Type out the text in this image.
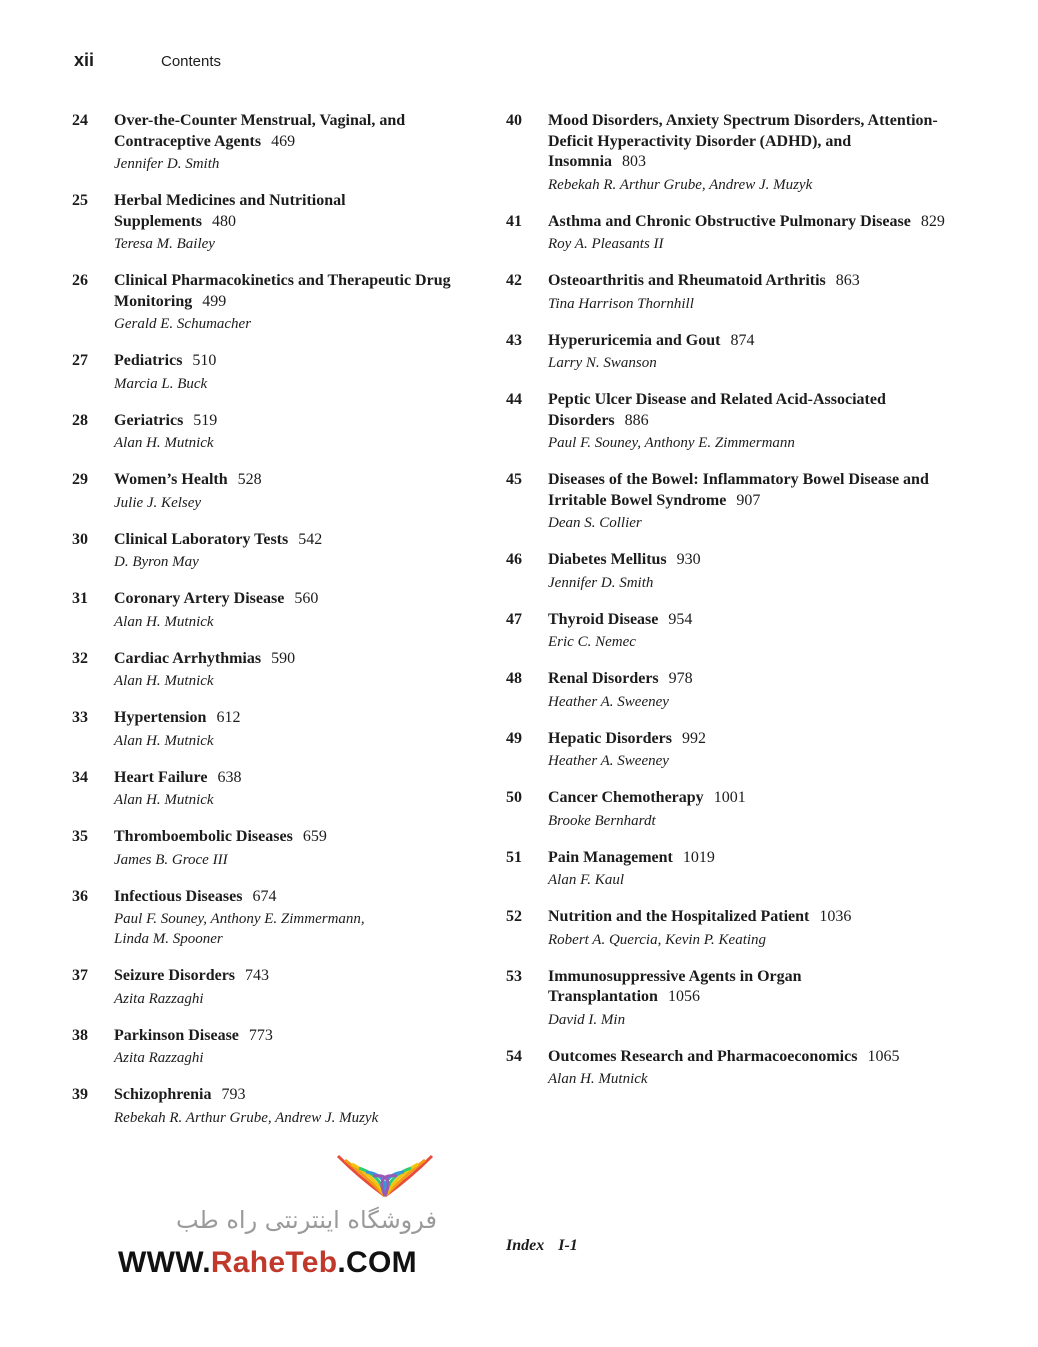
xii	Contents
24	Over-the-Counter Menstrual, Vaginal, and Contraceptive Agents 469
Jennifer D. Smith
25	Herbal Medicines and Nutritional Supplements 480
Teresa M. Bailey
26	Clinical Pharmacokinetics and Therapeutic Drug Monitoring 499
Gerald E. Schumacher
27	Pediatrics 510
Marcia L. Buck
28	Geriatrics 519
Alan H. Mutnick
29	Women’s Health 528
Julie J. Kelsey
30	Clinical Laboratory Tests 542
D. Byron May
31	Coronary Artery Disease 560
Alan H. Mutnick
32	Cardiac Arrhythmias 590
Alan H. Mutnick
33	Hypertension 612
Alan H. Mutnick
34	Heart Failure 638
Alan H. Mutnick
35	Thromboembolic Diseases 659
James B. Groce III
36	Infectious Diseases 674
Paul F. Souney, Anthony E. Zimmermann,
Linda M. Spooner
37	Seizure Disorders 743
Azita Razzaghi
38	Parkinson Disease 773
Azita Razzaghi
39	Schizophrenia 793
Rebekah R. Arthur Grube, Andrew J. Muzyk
40	Mood Disorders, Anxiety Spectrum Disorders, Attention-Deficit Hyperactivity Disorder (ADHD), and Insomnia 803
Rebekah R. Arthur Grube, Andrew J. Muzyk
41	Asthma and Chronic Obstructive Pulmonary Disease 829
Roy A. Pleasants II
42	Osteoarthritis and Rheumatoid Arthritis 863
Tina Harrison Thornhill
43	Hyperuricemia and Gout 874
Larry N. Swanson
44	Peptic Ulcer Disease and Related Acid-Associated Disorders 886
Paul F. Souney, Anthony E. Zimmermann
45	Diseases of the Bowel: Inflammatory Bowel Disease and Irritable Bowel Syndrome 907
Dean S. Collier
46	Diabetes Mellitus 930
Jennifer D. Smith
47	Thyroid Disease 954
Eric C. Nemec
48	Renal Disorders 978
Heather A. Sweeney
49	Hepatic Disorders 992
Heather A. Sweeney
50	Cancer Chemotherapy 1001
Brooke Bernhardt
51	Pain Management 1019
Alan F. Kaul
52	Nutrition and the Hospitalized Patient 1036
Robert A. Quercia, Kevin P. Keating
53	Immunosuppressive Agents in Organ Transplantation 1056
David I. Min
54	Outcomes Research and Pharmacoeconomics 1065
Alan H. Mutnick
Index I-1
فروشگاه اینترنتی راه طب
WWW.RaheTeb.COM
